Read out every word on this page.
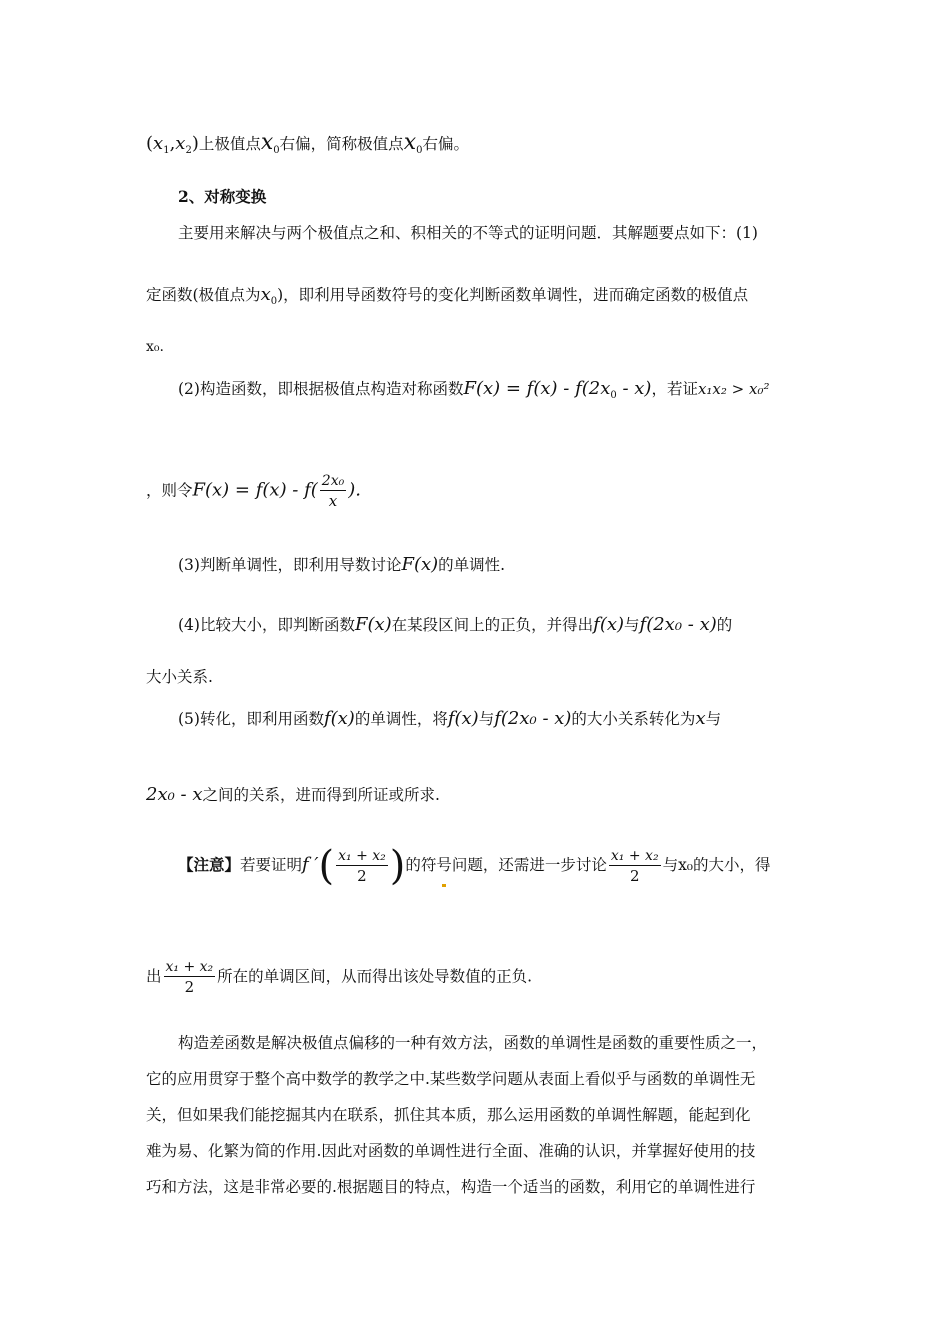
$(x_1,x_2)$上极值点$x_0$右偏，简称极值点$x_0$右偏。
2、对称变换
主要用来解决与两个极值点之和、积相关的不等式的证明问题．其解题要点如下：(1)
定函数(极值点为$x_0$)，即利用导函数符号的变化判断函数单调性，进而确定函数的极值点
x₀.
(2)构造函数，即根据极值点构造对称函数$F(x) = f(x) - f(2x_0 - x)$，若证x₁x₂ > x₀²
，则令$F(x) = f(x) - f( \frac{\text{2x₀}}{x}$ ).
(3)判断单调性，即利用导数讨论F(x)的单调性.
(4)比较大小，即判断函数F(x)在某段区间上的正负，并得出f(x)与f(2x₀ - x)的
大小关系.
(5)转化，即利用函数f(x)的单调性，将f(x)与f(2x₀ - x)的大小关系转化为x与
2x₀ - x之间的关系，进而得到所证或所求.
【注意】若要证明f ′( $\frac{\text{x₁ + x₂}}{2}$ )的符号问题，还需进一步讨论 $\frac{\text{x₁ + x₂}}{2}$ 与x₀的大小，得
出 $\frac{\text{x₁ + x₂}}{2}$ 所在的单调区间，从而得出该处导数值的正负.
构造差函数是解决极值点偏移的一种有效方法，函数的单调性是函数的重要性质之一，
它的应用贯穿于整个高中数学的教学之中.某些数学问题从表面上看似乎与函数的单调性无
关，但如果我们能挖掘其内在联系，抓住其本质，那么运用函数的单调性解题，能起到化
难为易、化繁为简的作用.因此对函数的单调性进行全面、准确的认识，并掌握好使用的技
巧和方法，这是非常必要的.根据题目的特点，构造一个适当的函数，利用它的单调性进行
